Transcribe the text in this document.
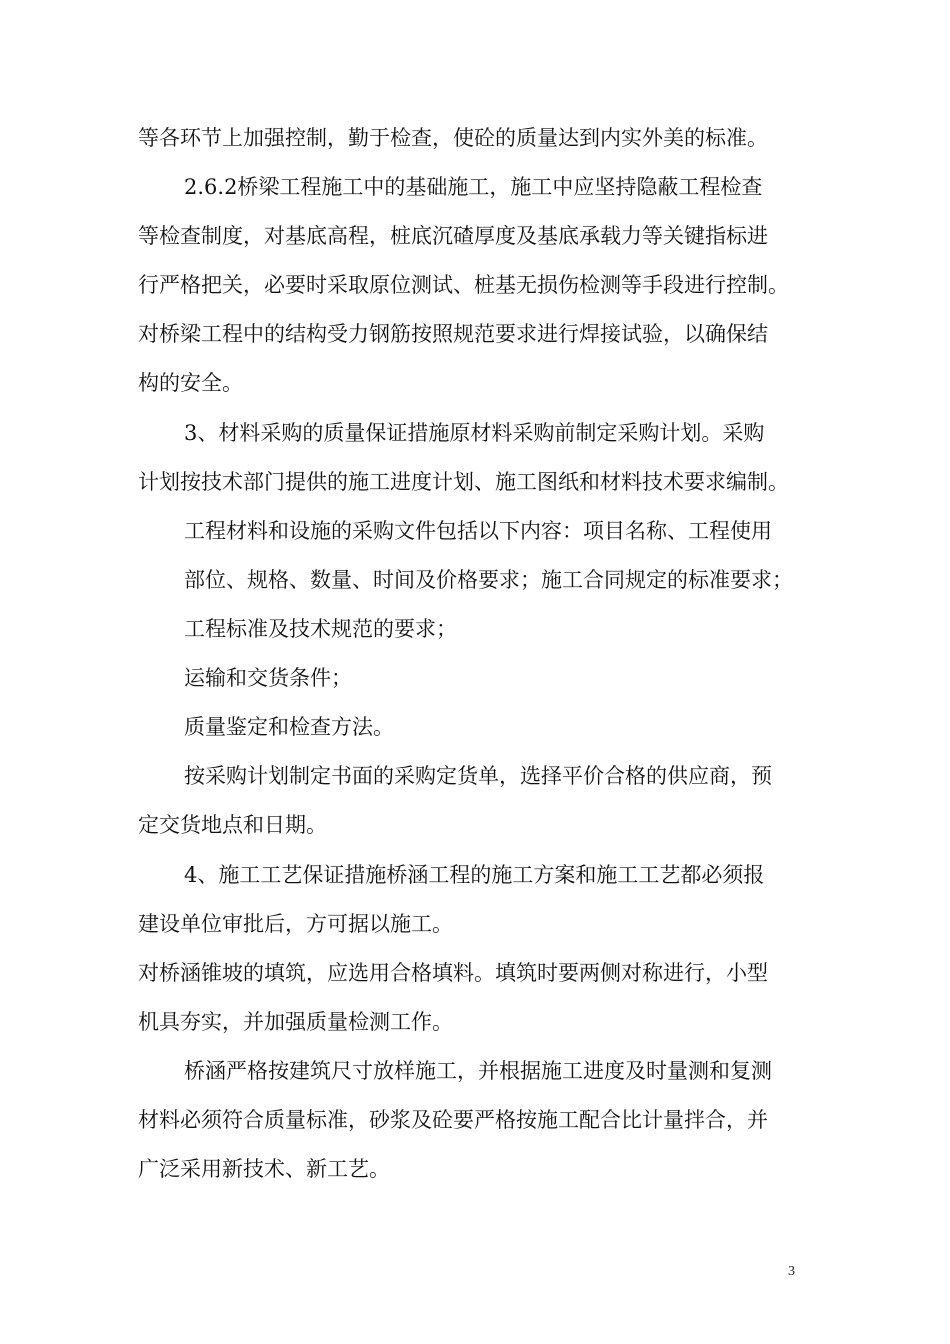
等各环节上加强控制，勤于检查，使砼的质量达到内实外美的标准。
2.6.2桥梁工程施工中的基础施工，施工中应坚持隐蔽工程检查
等检查制度，对基底高程，桩底沉碴厚度及基底承载力等关键指标进
行严格把关，必要时采取原位测试、桩基无损伤检测等手段进行控制。
对桥梁工程中的结构受力钢筋按照规范要求进行焊接试验，以确保结
构的安全。
3、材料采购的质量保证措施原材料采购前制定采购计划。采购
计划按技术部门提供的施工进度计划、施工图纸和材料技术要求编制。
工程材料和设施的采购文件包括以下内容：项目名称、工程使用
部位、规格、数量、时间及价格要求；施工合同规定的标准要求；
工程标准及技术规范的要求；
运输和交货条件；
质量鉴定和检查方法。
按采购计划制定书面的采购定货单，选择平价合格的供应商，预
定交货地点和日期。
4、施工工艺保证措施桥涵工程的施工方案和施工工艺都必须报
建设单位审批后，方可据以施工。
对桥涵锥坡的填筑，应选用合格填料。填筑时要两侧对称进行，小型
机具夯实，并加强质量检测工作。
桥涵严格按建筑尺寸放样施工，并根据施工进度及时量测和复测
材料必须符合质量标准，砂浆及砼要严格按施工配合比计量拌合，并
广泛采用新技术、新工艺。
3
